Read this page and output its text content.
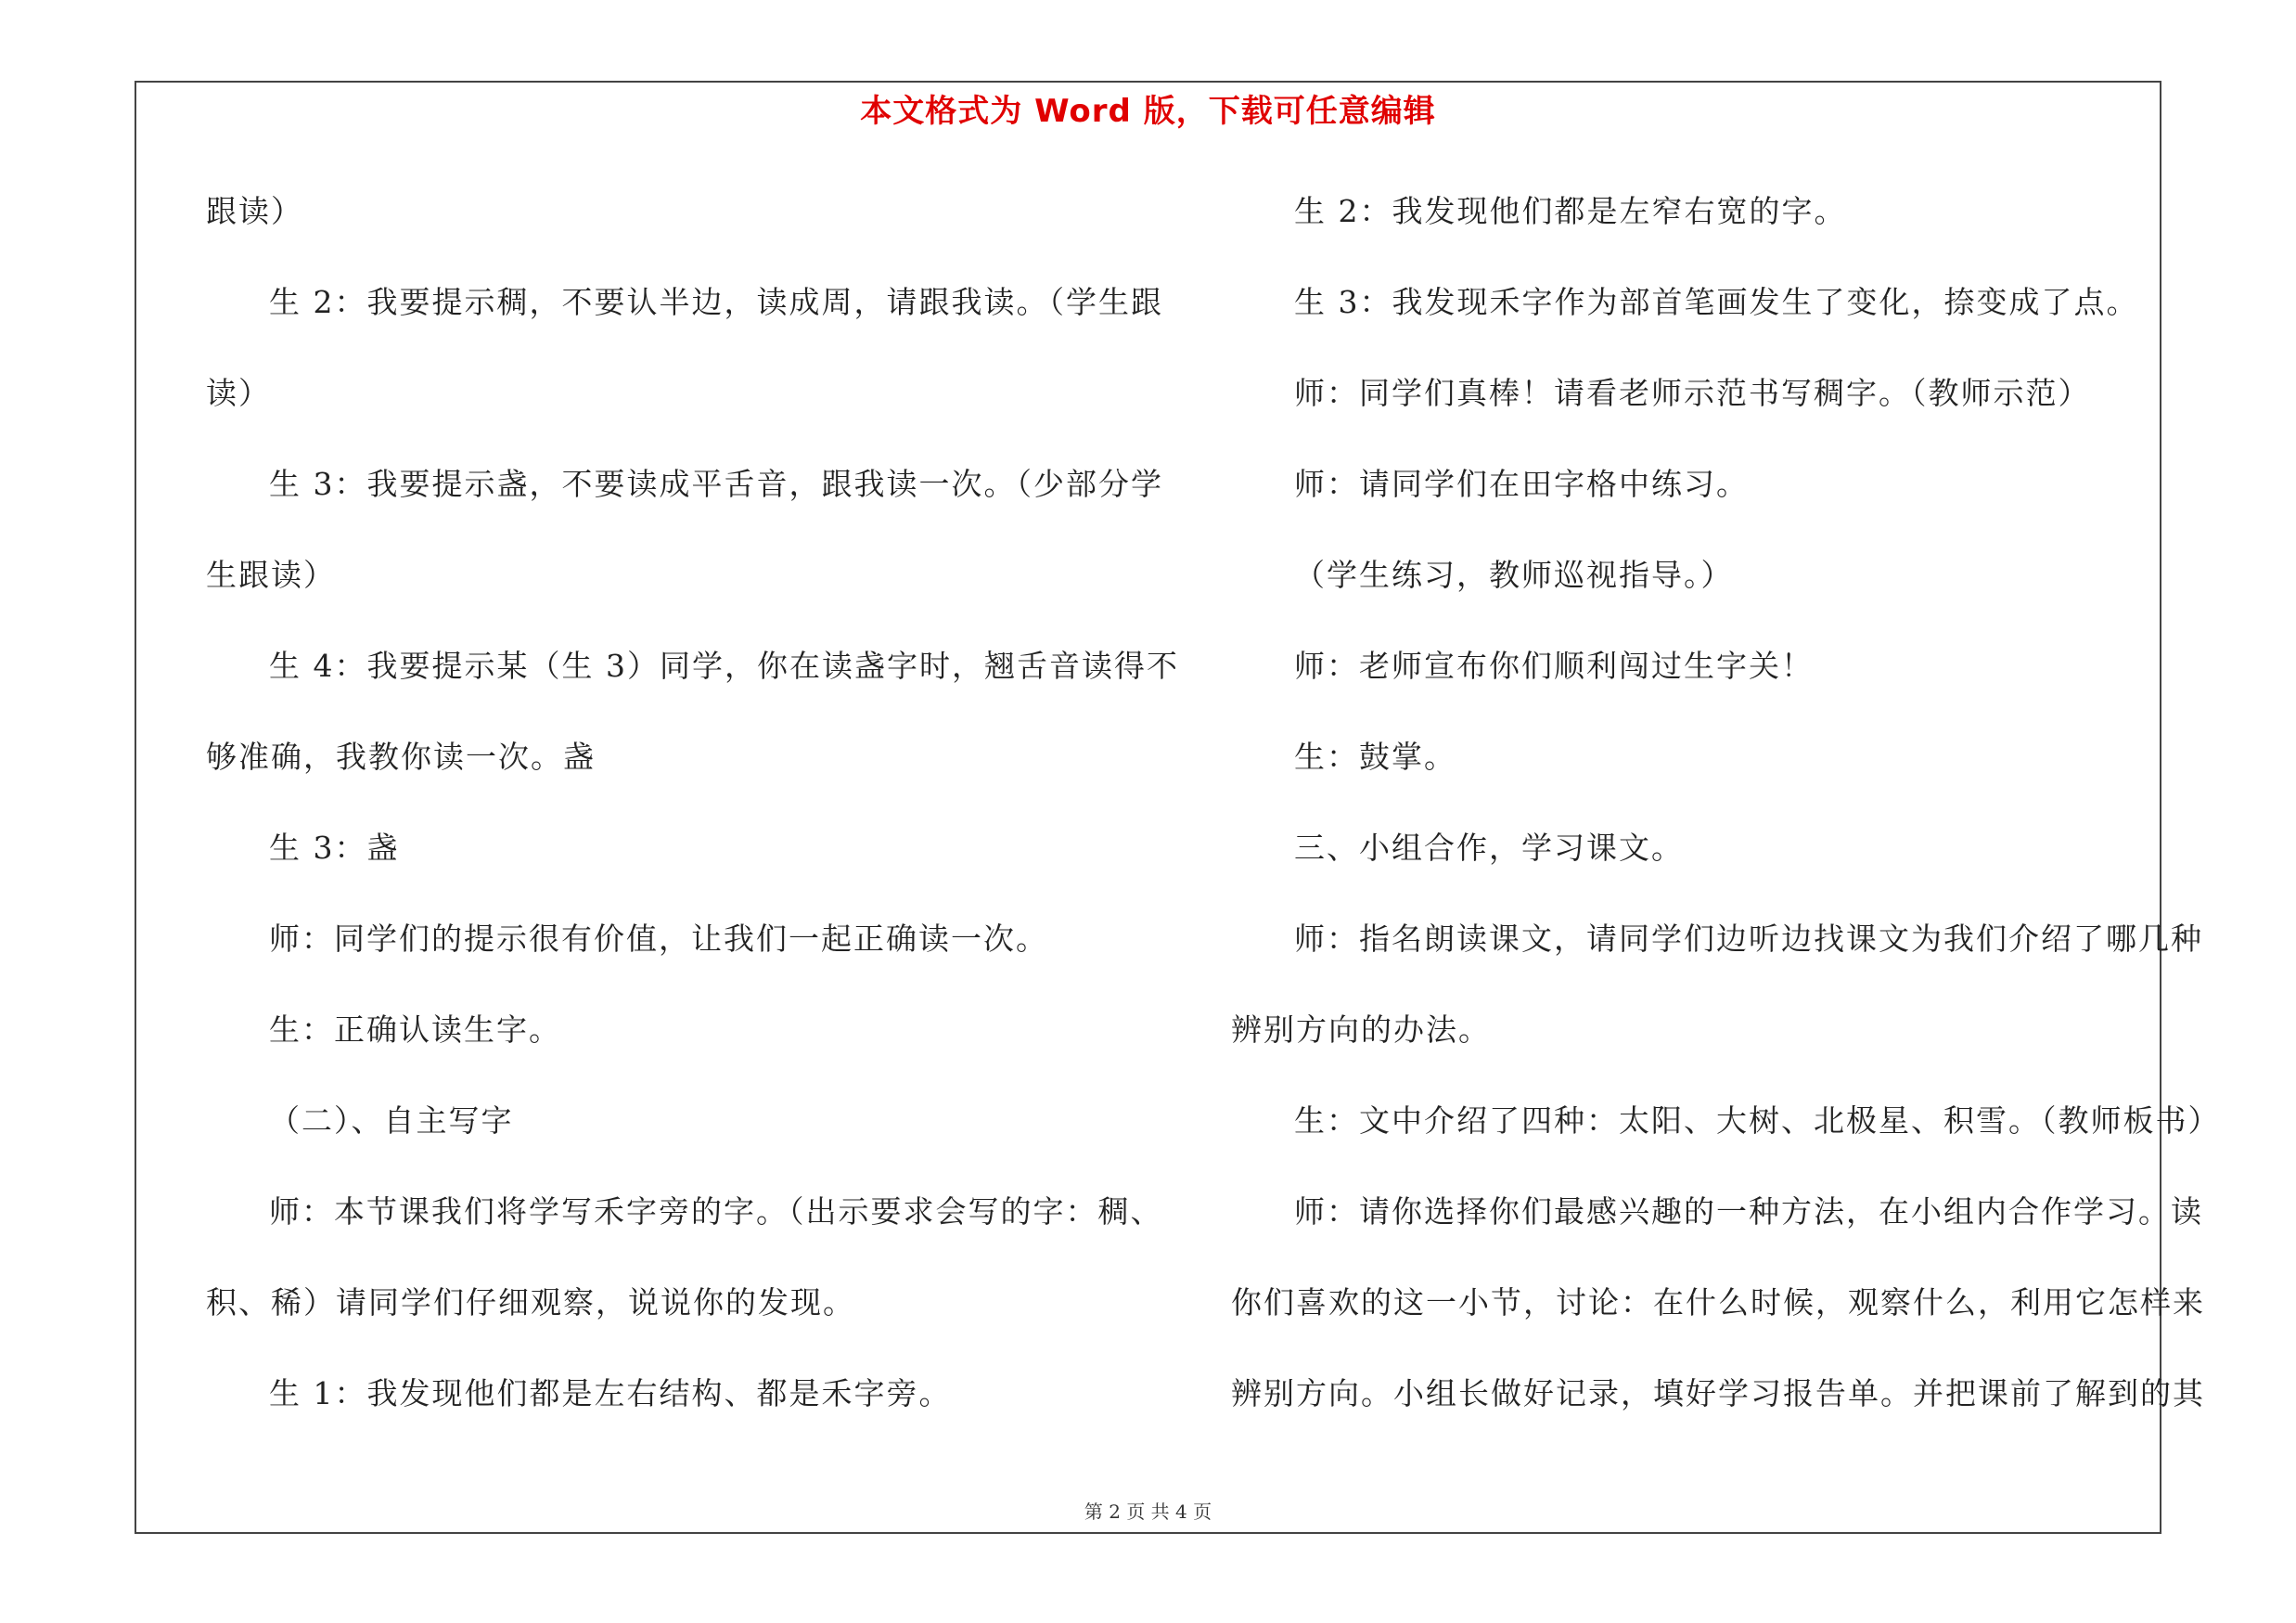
本文格式为 Word 版，下载可任意编辑
跟读）
生 2：我要提示稠，不要认半边，读成周，请跟我读。（学生跟
读）
生 3：我要提示盏，不要读成平舌音，跟我读一次。（少部分学
生跟读）
生 4：我要提示某（生 3）同学，你在读盏字时，翘舌音读得不
够准确，我教你读一次。盏
生 3：盏
师：同学们的提示很有价值，让我们一起正确读一次。
生：正确认读生字。
（二）、自主写字
师：本节课我们将学写禾字旁的字。（出示要求会写的字：稠、
积、稀）请同学们仔细观察，说说你的发现。
生 1：我发现他们都是左右结构、都是禾字旁。
生 2：我发现他们都是左窄右宽的字。
生 3：我发现禾字作为部首笔画发生了变化，捺变成了点。
师：同学们真棒！请看老师示范书写稠字。（教师示范）
师：请同学们在田字格中练习。
（学生练习，教师巡视指导。）
师：老师宣布你们顺利闯过生字关！
生：鼓掌。
三、小组合作，学习课文。
师：指名朗读课文，请同学们边听边找课文为我们介绍了哪几种
辨别方向的办法。
生：文中介绍了四种：太阳、大树、北极星、积雪。（教师板书）
师：请你选择你们最感兴趣的一种方法，在小组内合作学习。读
你们喜欢的这一小节，讨论：在什么时候，观察什么，利用它怎样来
辨别方向。小组长做好记录，填好学习报告单。并把课前了解到的其
第 2 页 共 4 页
